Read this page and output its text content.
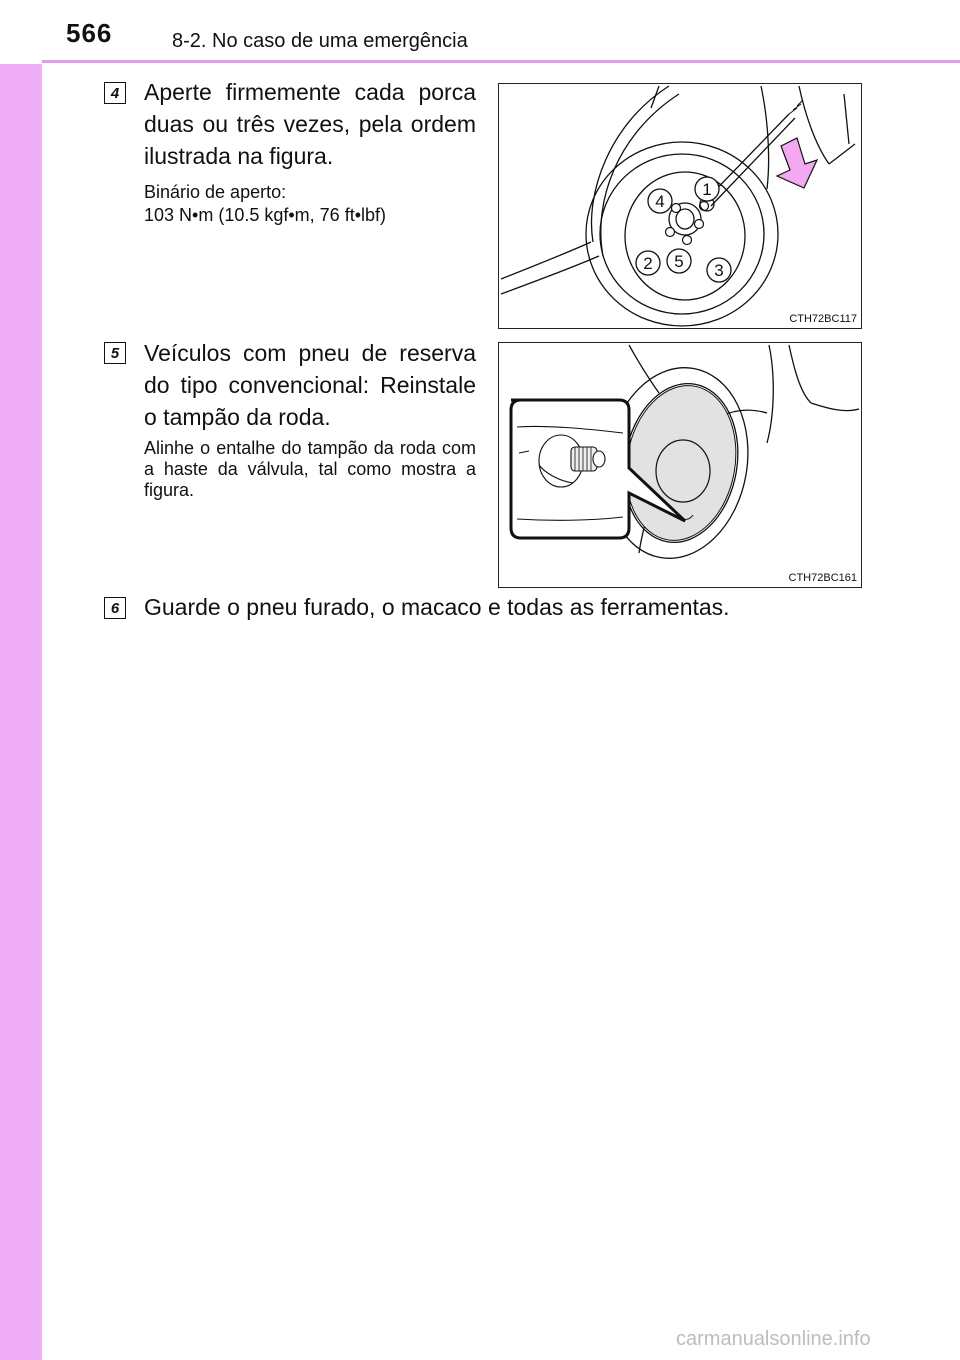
566	8-2. No caso de uma emergência
4 Aperte firmemente cada porca duas ou três vezes, pela ordem ilustrada na figura.
Binário de aperto:
103 N•m (10.5 kgf•m, 76 ft•lbf)
1
4
2	3
5
CTH72BC117
5 Veículos com pneu de reserva do tipo convencional: Reinstale o tampão da roda.
Alinhe o entalhe do tampão da roda com a haste da válvula, tal como mostra a figura.
CTH72BC161
6 Guarde o pneu furado, o macaco e todas as ferramentas.
carmanualsonline.info
